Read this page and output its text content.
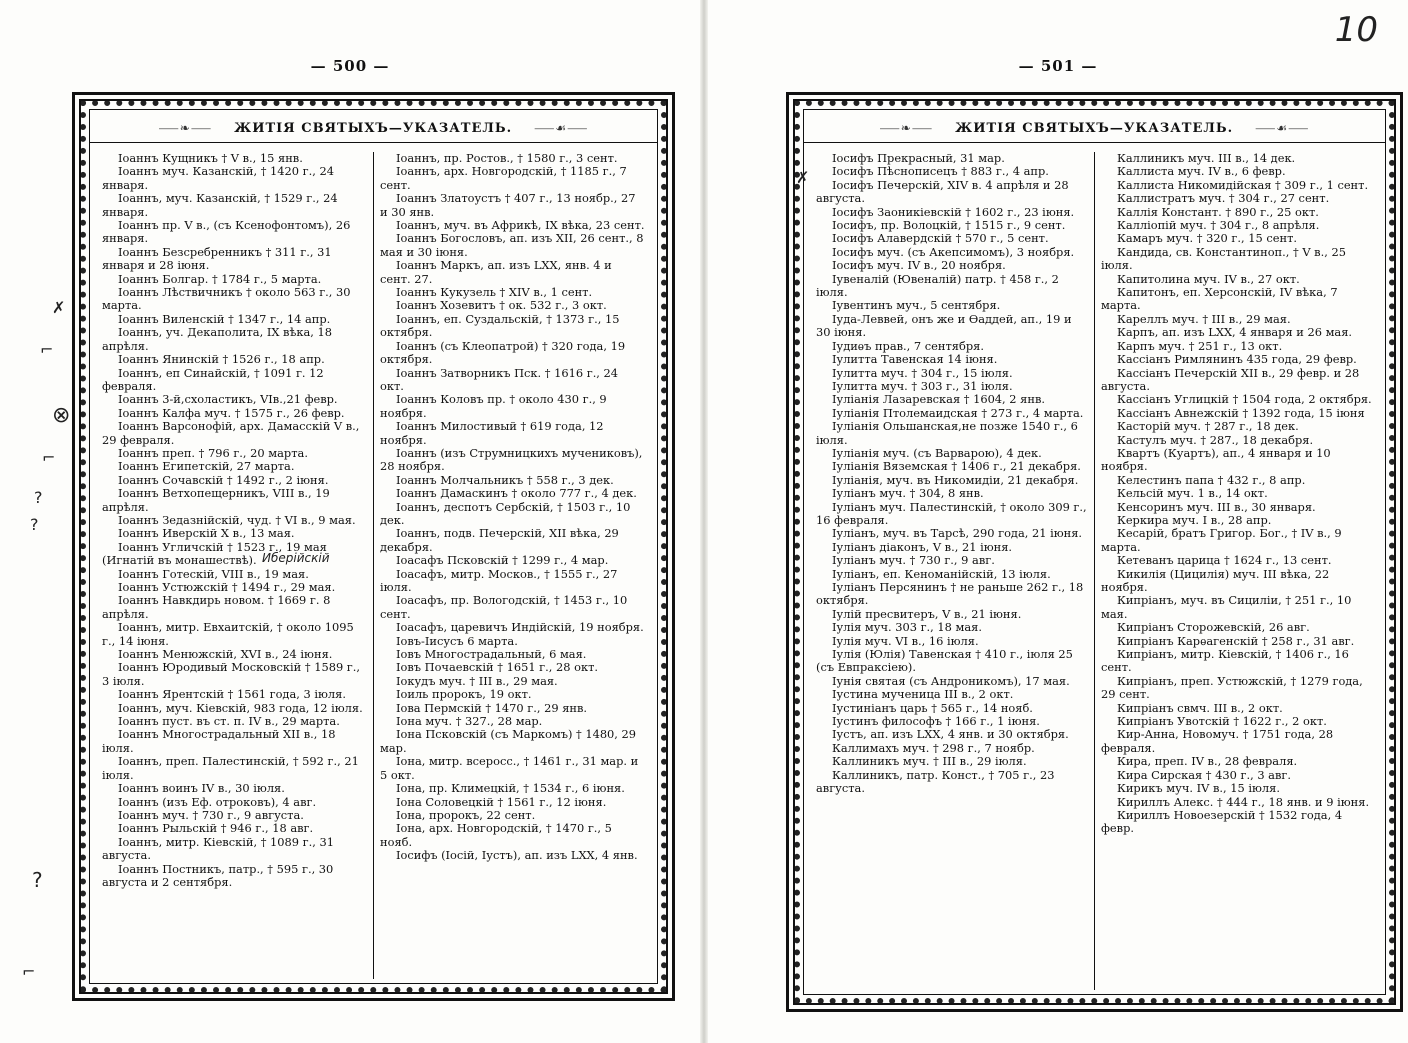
— 500 —
⸺❧⸺ ЖИТІЯ СВЯТЫХЪ—УКАЗАТЕЛЬ. ⸺☙⸺

Іоаннъ Кущникъ † V в., 15 янв.

Іоаннъ муч. Казанскій, † 1420 г., 24 января.

Іоаннъ, муч. Казанскій, † 1529 г., 24 января.

Іоаннъ пр. V в., (съ Ксенофонтомъ), 26 января.

Іоаннъ Безсребренникъ † 311 г., 31 января и 28 іюня.

Іоаннъ Болгар. † 1784 г., 5 марта.

Іоаннъ Лѣствичникъ † около 563 г., 30 марта.

Іоаннъ Виленскій † 1347 г., 14 апр.

Іоаннъ, уч. Декаполита, IX вѣка, 18 апрѣля.

Іоаннъ Янинскій † 1526 г., 18 апр.

Іоаннъ, еп Синайскій, † 1091 г. 12 февраля.

Іоаннъ 3-й,схоластикъ, VIв.,21 февр.

Іоаннъ Калфа муч. † 1575 г., 26 февр.

Іоаннъ Варсонофій, арх. Дамасскій V в., 29 февраля.

Іоаннъ преп. † 796 г., 20 марта.

Іоаннъ Египетскій, 27 марта.

Іоаннъ Сочавскій † 1492 г., 2 іюня.

Іоаннъ Ветхопещерникъ, VIII в., 19 апрѣля.

Іоаннъ Зедазнійскій, чуд. † VI в., 9 мая.

Іоаннъ Иверскій X в., 13 мая.

Іоаннъ Угличскій † 1523 г., 19 мая (Игнатій въ монашествѣ).

Іоаннъ Готескій, VIII в., 19 мая.

Іоаннъ Устюжскій † 1494 г., 29 мая.

Іоаннъ Навкдирь новом. † 1669 г. 8 апрѣля.

Іоаннъ, митр. Евхаитскій, † около 1095 г., 14 іюня.

Іоаннъ Менюжскій, XVI в., 24 іюня.

Іоаннъ Юродивый Московскій † 1589 г., 3 іюля.

Іоаннъ Ярентскій † 1561 года, 3 іюля.

Іоаннъ, муч. Кіевскій, 983 года, 12 іюля.

Іоаннъ пуст. въ ст. п. IV в., 29 марта.

Іоаннъ Многострадальный XII в., 18 іюля.

Іоаннъ, преп. Палестинскій, † 592 г., 21 іюля.

Іоаннъ воинъ IV в., 30 іюля.

Іоаннъ (изъ Еф. отроковъ), 4 авг.

Іоаннъ муч. † 730 г., 9 августа.

Іоаннъ Рыльскій † 946 г., 18 авг.

Іоаннъ, митр. Кіевскій, † 1089 г., 31 августа.

Іоаннъ Постникъ, патр., † 595 г., 30 августа и 2 сентября.

Іоаннъ, пр. Ростов., † 1580 г., 3 сент.

Іоаннъ, арх. Новгородскій, † 1185 г., 7 сент.

Іоаннъ Златоустъ † 407 г., 13 ноябр., 27 и 30 янв.

Іоаннъ, муч. въ Африкѣ, IX вѣка, 23 сент.

Іоаннъ Богословъ, ап. изъ XII, 26 сент., 8 мая и 30 іюня.

Іоаннъ Маркъ, ап. изъ LXX, янв. 4 и сент. 27.

Іоаннъ Кукузель † XIV в., 1 сент.

Іоаннъ Хозевитъ † ок. 532 г., 3 окт.

Іоаннъ, еп. Суздальскій, † 1373 г., 15 октября.

Іоаннъ (съ Клеопатрой) † 320 года, 19 октября.

Іоаннъ Затворникъ Пск. † 1616 г., 24 окт.

Іоаннъ Коловъ пр. † около 430 г., 9 ноября.

Іоаннъ Милостивый † 619 года, 12 ноября.

Іоаннъ (изъ Струмницкихъ мучениковъ), 28 ноября.

Іоаннъ Молчальникъ † 558 г., 3 дек.

Іоаннъ Дамаскинъ † около 777 г., 4 дек.

Іоаннъ, деспотъ Сербскій, † 1503 г., 10 дек.

Іоаннъ, подв. Печерскій, XII вѣка, 29 декабря.

Іоасафъ Псковскій † 1299 г., 4 мар.

Іоасафъ, митр. Москов., † 1555 г., 27 іюля.

Іоасафъ, пр. Вологодскій, † 1453 г., 10 сент.

Іоасафъ, царевичъ Индійскій, 19 ноября.

Іовъ-Іисусъ 6 марта.

Іовъ Многострадальный, 6 мая.

Іовъ Почаевскій † 1651 г., 28 окт.

Іокудъ муч. † III в., 29 мая.

Іоиль пророкъ, 19 окт.

Іова Пермскій † 1470 г., 29 янв.

Іона муч. † 327., 28 мар.

Іона Псковскій (съ Маркомъ) † 1480, 29 мар.

Іона, митр. всеросс., † 1461 г., 31 мар. и 5 окт.

Іона, пр. Климецкій, † 1534 г., 6 іюня.

Іона Соловецкій † 1561 г., 12 іюня.

Іона, пророкъ, 22 сент.

Іона, арх. Новгородскій, † 1470 г., 5 нояб.

Іосифъ (Іосій, Іустъ), ап. изъ LXX, 4 янв.

✗
⌐
⊗
⌐
?
?
?
⌐
Иберійскій
— 501 —
⸺❧⸺ ЖИТІЯ СВЯТЫХЪ—УКАЗАТЕЛЬ. ⸺☙⸺

Іосифъ Прекрасный, 31 мар.

Іосифъ Пѣснописецъ † 883 г., 4 апр.

Іосифъ Печерскій, XIV в. 4 апрѣля и 28 августа.

Іосифъ Заоникіевскій † 1602 г., 23 іюня.

Іосифъ, пр. Волоцкій, † 1515 г., 9 сент.

Іосифъ Алавердскій † 570 г., 5 сент.

Іосифъ муч. (съ Акепсимомъ), 3 ноября.

Іосифъ муч. IV в., 20 ноября.

Іувеналій (Ювеналій) патр. † 458 г., 2 іюля.

Іувентинъ муч., 5 сентября.

Іуда-Леввей, онъ же и Ѳаддей, ап., 19 и 30 іюня.

Іудиѳъ прав., 7 сентября.

Іулитта Тавенская 14 іюня.

Іулитта муч. † 304 г., 15 іюля.

Іулитта муч. † 303 г., 31 іюля.

Іуліанія Лазаревская † 1604, 2 янв.

Іуліанія Птолемаидская † 273 г., 4 марта.

Іуліанія Ольшанская,не позже 1540 г., 6 іюля.

Іуліанія муч. (съ Варварою), 4 дек.

Іуліанія Вяземская † 1406 г., 21 декабря.

Іуліанія, муч. въ Никомидіи, 21 декабря.

Іуліанъ муч. † 304, 8 янв.

Іуліанъ муч. Палестинскій, † около 309 г., 16 февраля.

Іуліанъ, муч. въ Тарсѣ, 290 года, 21 іюня.

Іуліанъ діаконъ, V в., 21 іюня.

Іуліанъ муч. † 730 г., 9 авг.

Іуліанъ, еп. Кеноманійскій, 13 іюля.

Іуліанъ Персянинъ † не раньше 262 г., 18 октября.

Іулій пресвитеръ, V в., 21 іюня.

Іулія муч. 303 г., 18 мая.

Іулія муч. VI в., 16 іюля.

Іулія (Юлія) Тавенская † 410 г., іюля 25 (съ Евпраксіею).

Іунія святая (съ Андроникомъ), 17 мая.

Іустина мученица III в., 2 окт.

Іустиніанъ царь † 565 г., 14 нояб.

Іустинъ философъ † 166 г., 1 іюня.

Іустъ, ап. изъ LXX, 4 янв. и 30 октября.

Каллимахъ муч. † 298 г., 7 ноябр.

Каллиникъ муч. † III в., 29 іюля.

Каллиникъ, патр. Конст., † 705 г., 23 августа.

Каллиникъ муч. III в., 14 дек.

Каллиста муч. IV в., 6 февр.

Каллиста Никомидійская † 309 г., 1 сент.

Каллистратъ муч. † 304 г., 27 сент.

Каллія Констант. † 890 г., 25 окт.

Калліопій муч. † 304 г., 8 апрѣля.

Камаръ муч. † 320 г., 15 сент.

Кандида, св. Константиноп., † V в., 25 іюля.

Капитолина муч. IV в., 27 окт.

Капитонъ, еп. Херсонскій, IV вѣка, 7 марта.

Кареллъ муч. † III в., 29 мая.

Карпъ, ап. изъ LXX, 4 января и 26 мая.

Карпъ муч. † 251 г., 13 окт.

Кассіанъ Римлянинъ 435 года, 29 февр.

Кассіанъ Печерскій XII в., 29 февр. и 28 августа.

Кассіанъ Углицкій † 1504 года, 2 октября.

Кассіанъ Авнежскій † 1392 года, 15 іюня

Касторій муч. † 287 г., 18 дек.

Кастулъ муч. † 287., 18 декабря.

Квартъ (Куартъ), ап., 4 января и 10 ноября.

Келестинъ папа † 432 г., 8 апр.

Кельсій муч. 1 в., 14 окт.

Кенсоринъ муч. III в., 30 января.

Керкира муч. I в., 28 апр.

Кесарій, братъ Григор. Бог., † IV в., 9 марта.

Кетеванъ царица † 1624 г., 13 сент.

Кикилія (Цицилія) муч. III вѣка, 22 ноября.

Кипріанъ, муч. въ Сициліи, † 251 г., 10 мая.

Кипріанъ Сторожевскій, 26 авг.

Кипріанъ Карѳагенскій † 258 г., 31 авг.

Кипріанъ, митр. Кіевскій, † 1406 г., 16 сент.

Кипріанъ, преп. Устюжскій, † 1279 года, 29 сент.

Кипріанъ свмч. III в., 2 окт.

Кипріанъ Увотскій † 1622 г., 2 окт.

Кир-Анна, Новомуч. † 1751 года, 28 февраля.

Кира, преп. IV в., 28 февраля.

Кира Сирская † 430 г., 3 авг.

Кирикъ муч. IV в., 15 іюля.

Кириллъ Алекс. † 444 г., 18 янв. и 9 іюня.

Кириллъ Новоезерскій † 1532 года, 4 февр.

✗
10
